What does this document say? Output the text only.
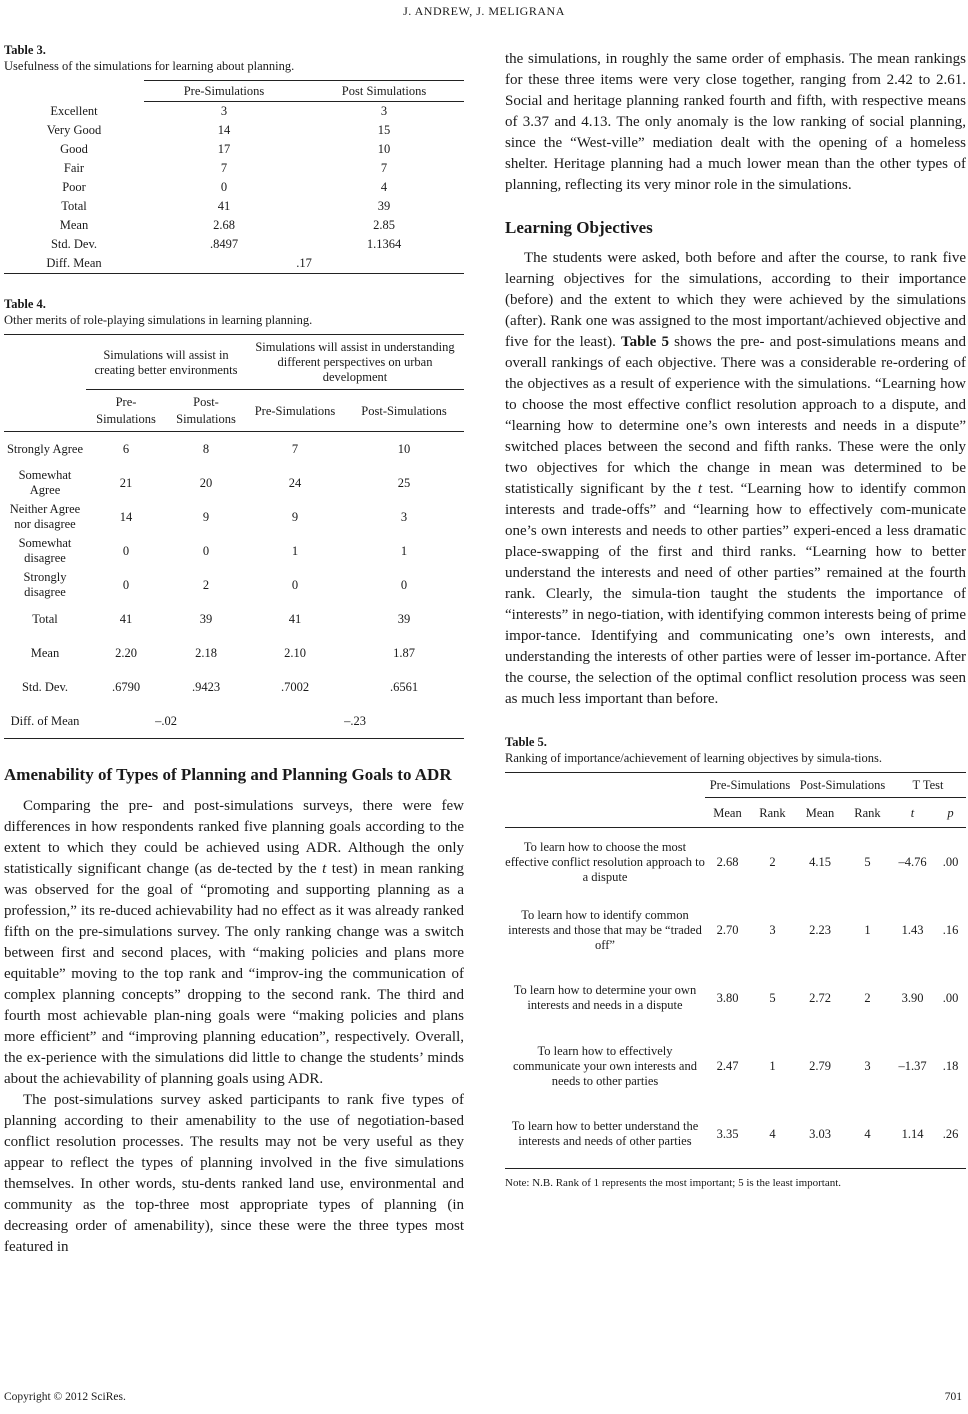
J. ANDREW, J. MELIGRANA
Table 3.
Usefulness of the simulations for learning about planning.
	Pre-Simulations	Post Simulations
Excellent	3	3
Very Good	14	15
Good	17	10
Fair	7	7
Poor	0	4
Total	41	39
Mean	2.68	2.85
Std. Dev.	.8497	1.1364
Diff. Mean	.17	
Table 4.
Other merits of role-playing simulations in learning planning.
	Simulations will assist in creating better environments		Simulations will assist in understanding different perspectives on urban development	
	Pre-Simulations	Post-Simulations	Pre-Simulations	Post-Simulations
Strongly Agree	6	8	7	10
Somewhat Agree	21	20	24	25
Neither Agree nor disagree	14	9	9	3
Somewhat disagree	0	0	1	1
Strongly disagree	0	2	0	0
Total	41	39	41	39
Mean	2.20	2.18	2.10	1.87
Std. Dev.	.6790	.9423	.7002	.6561
Diff. of Mean	–.02		–.23	
Amenability of Types of Planning and Planning Goals to ADR

Comparing the pre- and post-simulations surveys, there were few differences in how respondents ranked five planning goals according to the extent to which they could be achieved using ADR. Although the only statistically significant change (as de-tected by the t test) in mean ranking was observed for the goal of “promoting and supporting planning as a profession,” its re-duced achievability had no effect as it was already ranked fifth on the pre-simulations survey. The only ranking change was a switch between first and second places, with “making policies and plans more equitable” moving to the top rank and “improv-ing the communication of complex planning concepts” dropping to the second rank. The third and fourth most achievable plan-ning goals were “making policies and plans more efficient” and “improving planning education”, respectively. Overall, the ex-perience with the simulations did little to change the students’ minds about the achievability of planning goals using ADR.

The post-simulations survey asked participants to rank five types of planning according to their amenability to the use of negotiation-based conflict resolution processes. The results may not be very useful as they appear to reflect the types of planning involved in the five simulations themselves. In other words, stu-dents ranked land use, environmental and community as the top-three most appropriate types of planning (in decreasing order of amenability), since these were the three types most featured in

the simulations, in roughly the same order of emphasis. The mean rankings for these three items were very close together, ranging from 2.42 to 2.61. Social and heritage planning ranked fourth and fifth, with respective means of 3.37 and 4.13. The only anomaly is the low ranking of social planning, since the “West-ville” mediation dealt with the opening of a homeless shelter. Heritage planning had a much lower mean than the other types of planning, reflecting its very minor role in the simulations.

Learning Objectives

The students were asked, both before and after the course, to rank five learning objectives for the simulations, according to their importance (before) and the extent to which they were achieved by the simulations (after). Rank one was assigned to the most important/achieved objective and five for the least). Table 5 shows the pre- and post-simulations means and overall rankings of each objective. There was a considerable re-ordering of the objectives as a result of experience with the simulations. “Learning how to choose the most effective conflict resolution approach to a dispute, and “learning how to determine one’s own interests and needs in a dispute” switched places between the second and fifth ranks. These were the only two objectives for which the change in mean was determined to be statistically significant by the t test. “Learning how to identify common interests and trade-offs” and “learning how to effectively com-municate one’s own interests and needs to other parties” experi-enced a less dramatic place-swapping of the first and third ranks. “Learning how to better understand the interests and need of other parties” remained at the fourth rank. Clearly, the simula-tion taught the students the importance of “interests” in nego-tiation, with identifying common interests being of prime impor-tance. Identifying and communicating one’s own interests, and understanding the interests of other parties were of lesser im-portance. After the course, the selection of the optimal conflict resolution process was seen as much less important than before.

Table 5.
Ranking of importance/achievement of learning objectives by simula-tions.
	Pre-Simulations		Post-Simulations		T Test	
	Mean	Rank	Mean	Rank	t	p
To learn how to choose the most effective conflict resolution approach to a dispute	2.68	2	4.15	5	–4.76	.00
To learn how to identify common interests and those that may be “traded off”	2.70	3	2.23	1	1.43	.16
To learn how to determine your own interests and needs in a dispute	3.80	5	2.72	2	3.90	.00
To learn how to effectively communicate your own interests and needs to other parties	2.47	1	2.79	3	–1.37	.18
To learn how to better understand the interests and needs of other parties	3.35	4	3.03	4	1.14	.26
Note: N.B. Rank of 1 represents the most important; 5 is the least important.
Copyright © 2012 SciRes.	701
